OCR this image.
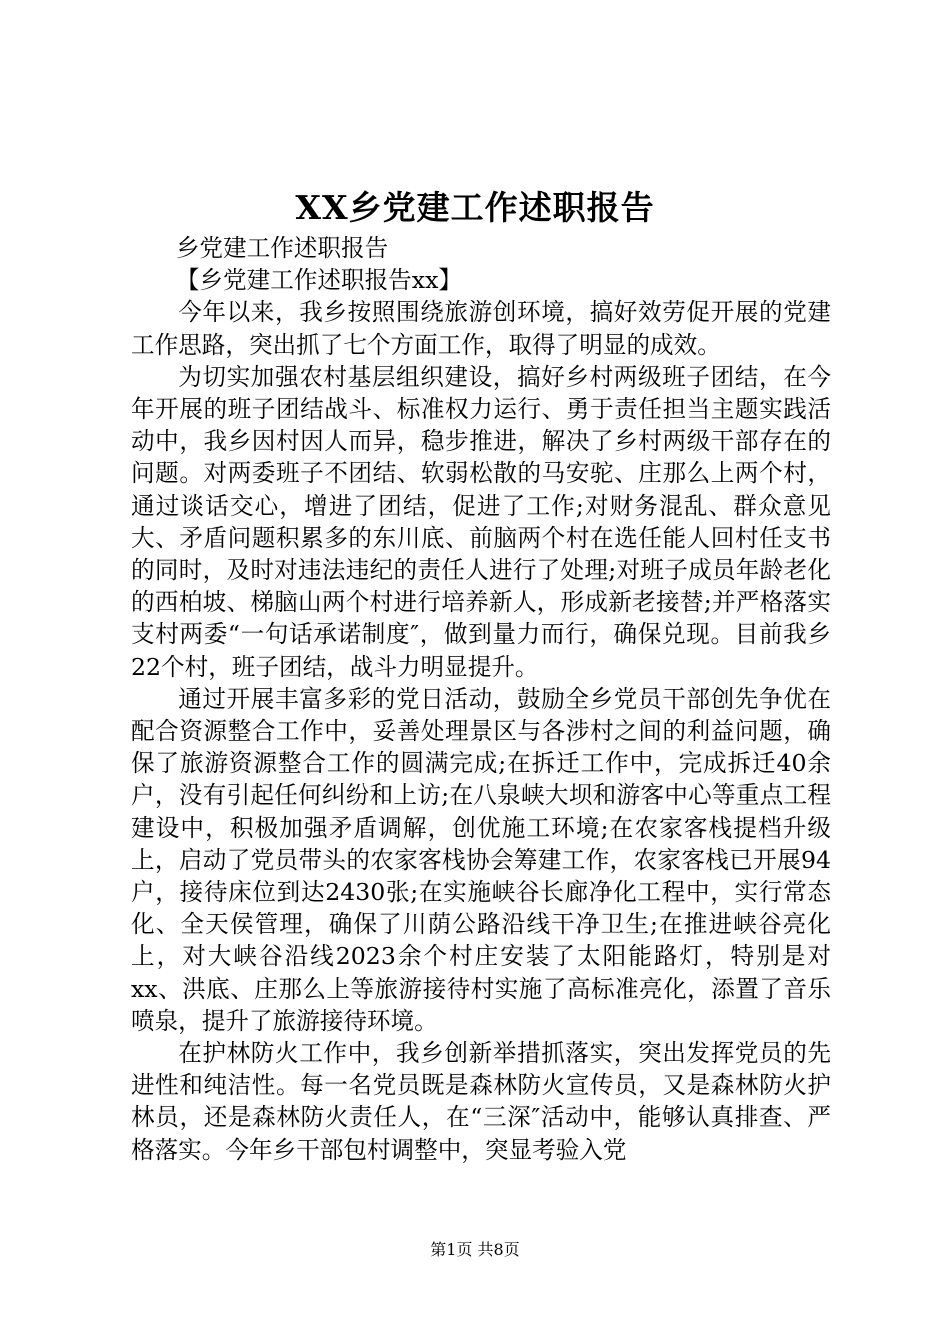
XX乡党建工作述职报告

乡党建工作述职报告

【乡党建工作述职报告xx】

今年以来，我乡按照围绕旅游创环境，搞好效劳促开展的党建工作思路，突出抓了七个方面工作，取得了明显的成效。

为切实加强农村基层组织建设，搞好乡村两级班子团结，在今年开展的班子团结战斗、标准权力运行、勇于责任担当主题实践活动中，我乡因村因人而异，稳步推进，解决了乡村两级干部存在的问题。对两委班子不团结、软弱松散的马安驼、庄那么上两个村，通过谈话交心，增进了团结，促进了工作;对财务混乱、群众意见大、矛盾问题积累多的东川底、前脑两个村在选任能人回村任支书的同时，及时对违法违纪的责任人进行了处理;对班子成员年龄老化的西柏坡、梯脑山两个村进行培养新人，形成新老接替;并严格落实支村两委“一句话承诺制度″，做到量力而行，确保兑现。目前我乡22个村，班子团结，战斗力明显提升。

通过开展丰富多彩的党日活动，鼓励全乡党员干部创先争优在配合资源整合工作中，妥善处理景区与各涉村之间的利益问题，确保了旅游资源整合工作的圆满完成;在拆迁工作中，完成拆迁40余户，没有引起任何纠纷和上访;在八泉峡大坝和游客中心等重点工程建设中，积极加强矛盾调解，创优施工环境;在农家客栈提档升级上，启动了党员带头的农家客栈协会筹建工作，农家客栈已开展94户，接待床位到达2430张;在实施峡谷长廊净化工程中，实行常态化、全天侯管理，确保了川荫公路沿线干净卫生;在推进峡谷亮化上，对大峡谷沿线2023余个村庄安装了太阳能路灯，特别是对xx、洪底、庄那么上等旅游接待村实施了高标准亮化，添置了音乐喷泉，提升了旅游接待环境。

在护林防火工作中，我乡创新举措抓落实，突出发挥党员的先进性和纯洁性。每一名党员既是森林防火宣传员，又是森林防火护林员，还是森林防火责任人，在“三深″活动中，能够认真排查、严格落实。今年乡干部包村调整中，突显考验入党

第1页 共8页
